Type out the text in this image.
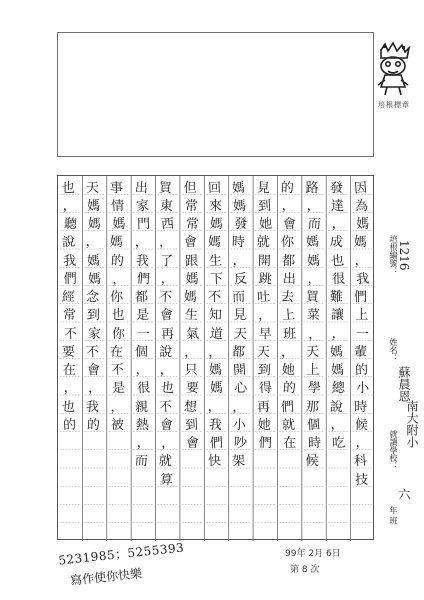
培根標章
因
為
媽
媽
，
我
們
上
一
輩
的
小
時
候
，
科
技
發
達
，
成
也
很
難
讓
，
媽
媽
總
說
，
吃
路
，
而
媽
媽
，
買
菜
，
天
上
學
那
個
時
候
的
，
會
你
都
出
去
上
班
，
她
的
們
就
在
見
到
她
就
開
跳
吐
，
早
天
到
得
再
她
們
媽
媽
發
時
，
反
而
見
天
都
開
心
，
小
吵
架
回
來
媽
媽
生
下
不
知
道
，
媽
媽
，
我
們
快
但
常
常
會
跟
媽
媽
生
氣
，
只
要
想
到
會
買
東
西
，
了
，
不
會
再
說
，
也
不
會
，
就
算
出
家
門
，
我
們
都
是
一
個
，
很
親
熱
，
而
事
情
媽
媽
的
，
你
也
你
在
不
是
，
被
天
媽
媽
，
媽
媽
念
到
家
不
會
，
我
的
也
，
聽
說
我
們
經
常
不
要
在
，
也
的
培根編號： 1216
姓名：
蘇晨恩
就讀學校：
南大附小
年 班
六
99年 2月 6日
第 8 次
5231985；5255393
寫作使你快樂
